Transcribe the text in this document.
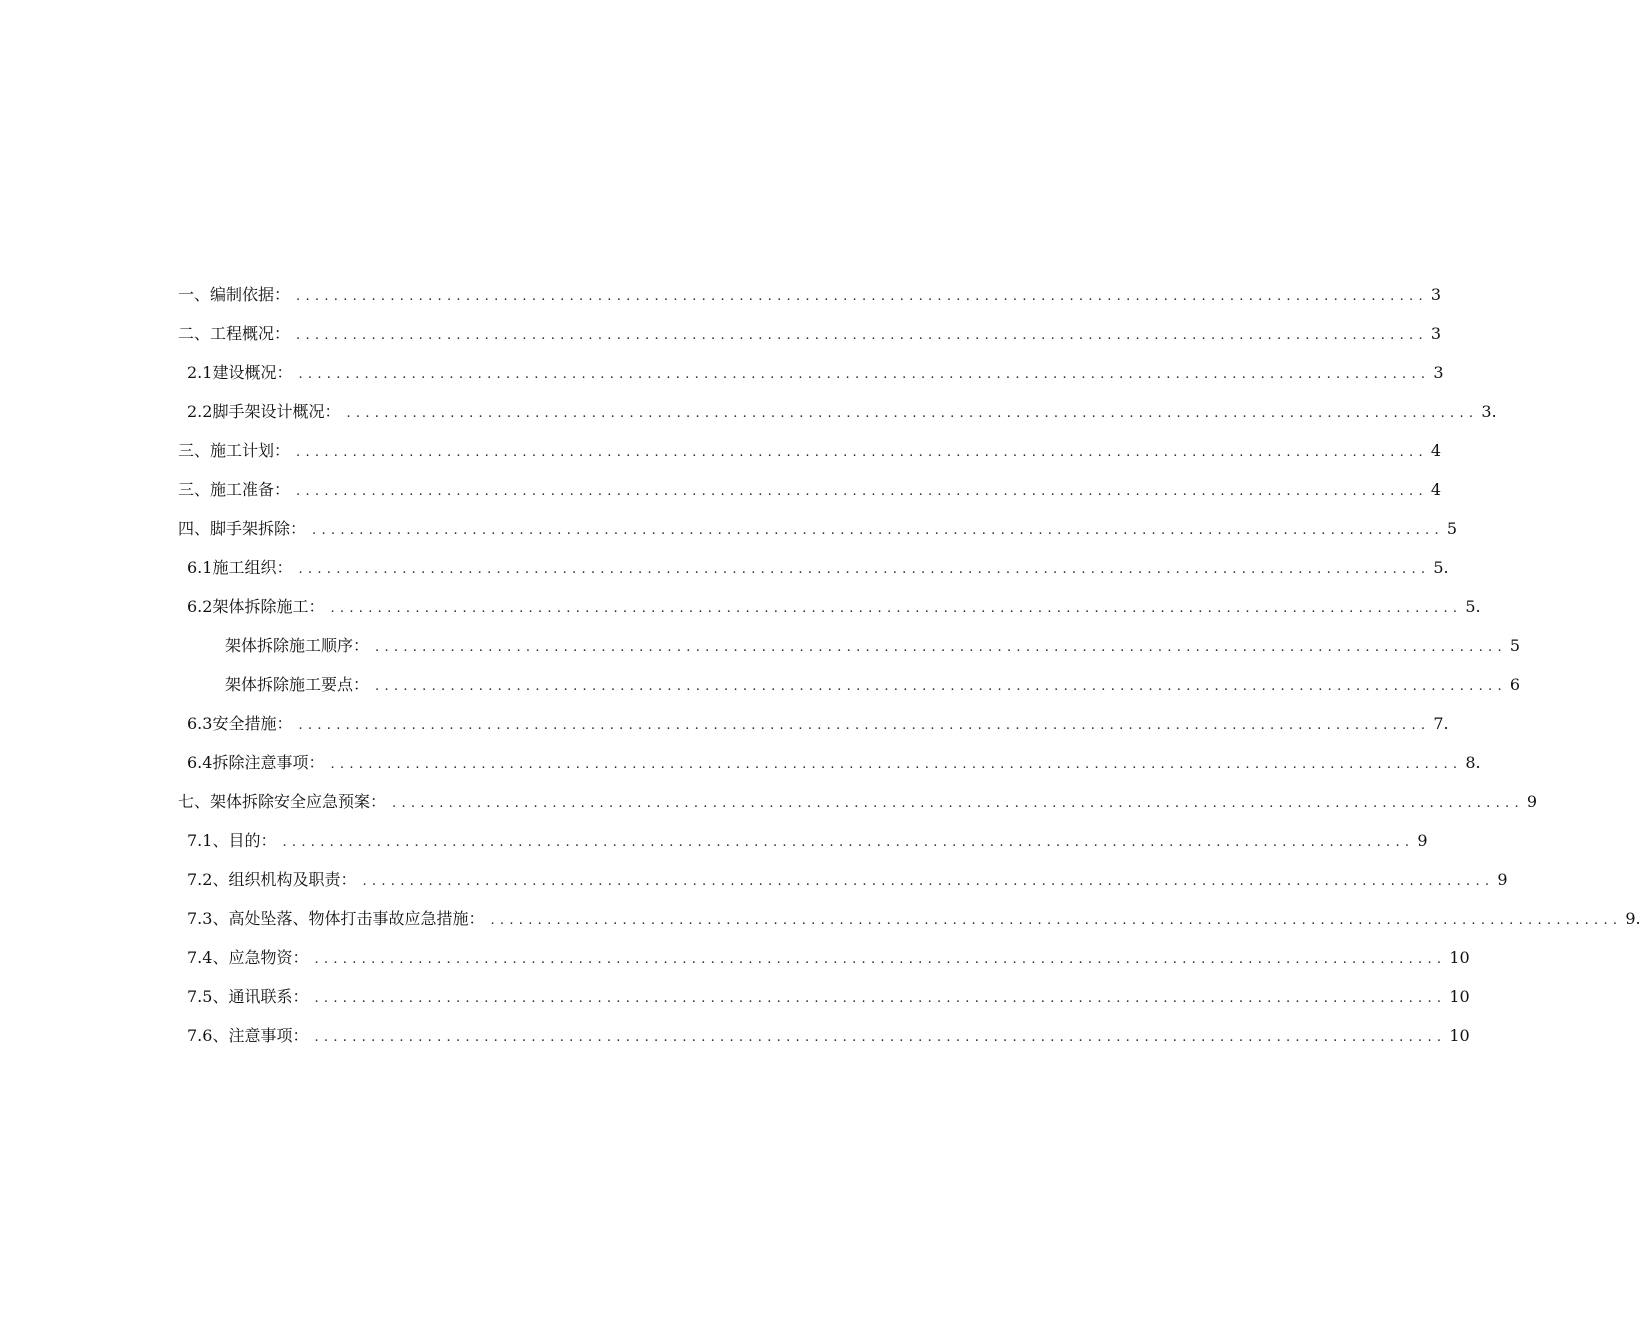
一、 编制依据： ........................................................................................................................ 3
二、 工程概况： ........................................................................................................................ 3
2.1 建设概况： ........................................................................................................................ 3
2.2 脚手架设计概况： ........................................................................................................................ 3.
三、 施工计划： ........................................................................................................................ 4
三、 施工准备： ........................................................................................................................ 4
四、 脚手架拆除： ........................................................................................................................ 5
6.1 施工组织： ........................................................................................................................ 5.
6.2 架体拆除施工： ........................................................................................................................ 5.
架体拆除施工顺序： ........................................................................................................................ 5
架体拆除施工要点： ........................................................................................................................ 6
6.3 安全措施： ........................................................................................................................ 7.
6.4 拆除注意事项： ........................................................................................................................ 8.
七、 架体拆除安全应急预案： ........................................................................................................................ 9
7.1、 目的： ........................................................................................................................ 9
7.2、 组织机构及职责： ........................................................................................................................ 9
7.3、 高处坠落、物体打击事故应急措施： ........................................................................................................................ 9.
7.4、 应急物资： ........................................................................................................................ 10
7.5、 通讯联系： ........................................................................................................................ 10
7.6、 注意事项： ........................................................................................................................ 10
